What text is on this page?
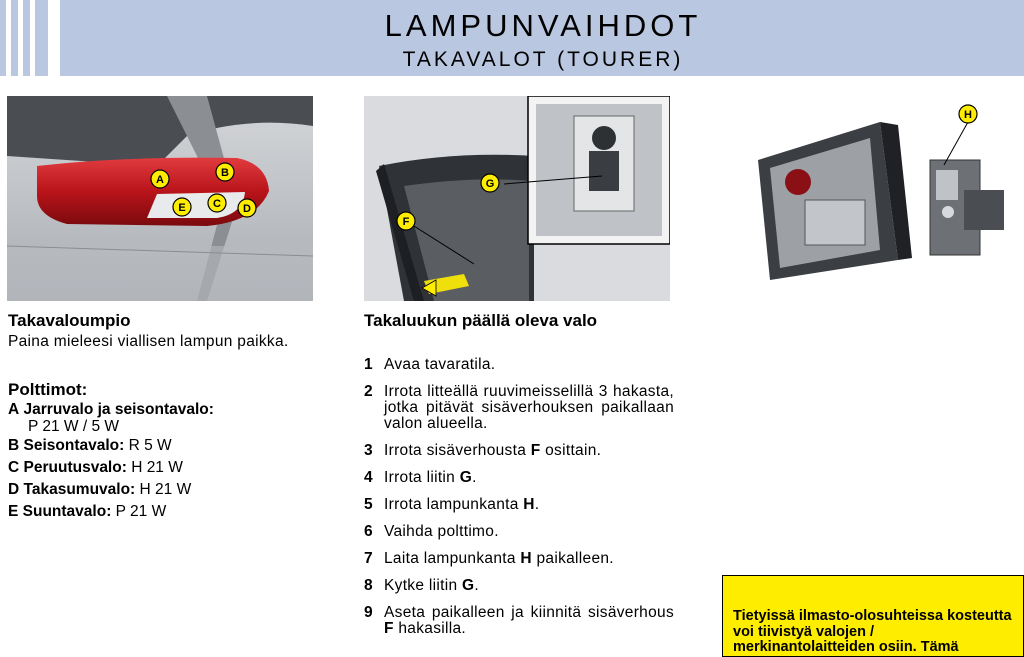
LAMPUNVAIHDOT
TAKAVALOT (TOURER)
A
B
C D
E
F
G
H
Takavaloumpio
Paina mieleesi viallisen lampun paikka.
Polttimot:
A Jarruvalo ja seisontavalo:
P 21 W / 5 W
B Seisontavalo: R 5 W
C Peruutusvalo: H 21 W
D Takasumuvalo: H 21 W
E Suuntavalo: P 21 W
Takaluukun päällä oleva valo
1 Avaa tavaratila.
2 Irrota litteällä ruuvimeisselillä 3 hakasta, jotka pitävät sisäverhouksen paikallaan valon alueella.
3 Irrota sisäverhousta F osittain.
4 Irrota liitin G.
5 Irrota lampunkanta H.
6 Vaihda polttimo.
7 Laita lampunkanta H paikalleen.
8 Kytke liitin G.
9 Aseta paikalleen ja kiinnitä sisäverhous F hakasilla.
Tietyissä ilmasto-olosuhteissa kosteutta voi tiivistyä valojen / merkinantolaitteiden osiin. Tämä
